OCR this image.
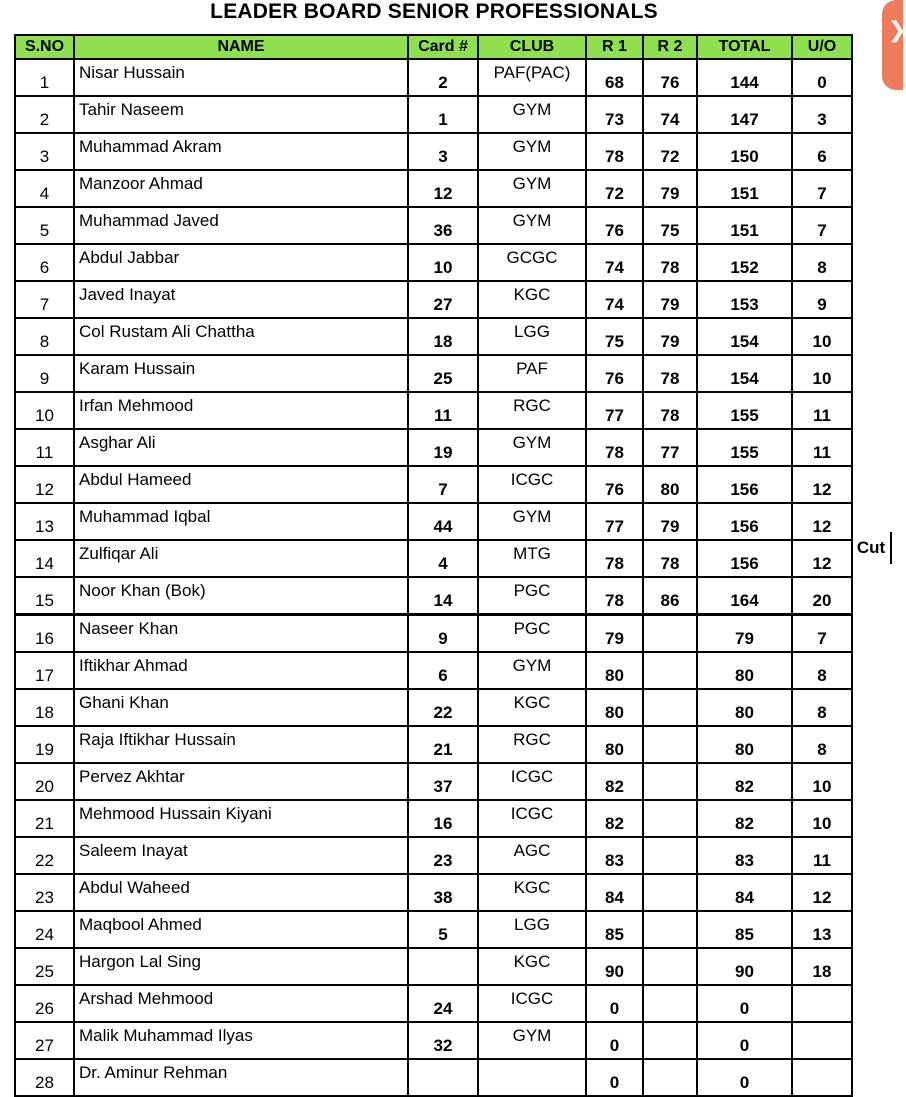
LEADER BOARD SENIOR PROFESSIONALS
S.NO	NAME	Card #	CLUB	R 1	R 2	TOTAL	U/O
1	Nisar Hussain	2	PAF(PAC)	68	76	144	0
2	Tahir Naseem	1	GYM	73	74	147	3
3	Muhammad Akram	3	GYM	78	72	150	6
4	Manzoor Ahmad	12	GYM	72	79	151	7
5	Muhammad Javed	36	GYM	76	75	151	7
6	Abdul Jabbar	10	GCGC	74	78	152	8
7	Javed Inayat	27	KGC	74	79	153	9
8	Col Rustam Ali Chattha	18	LGG	75	79	154	10
9	Karam Hussain	25	PAF	76	78	154	10
10	Irfan Mehmood	11	RGC	77	78	155	11
11	Asghar Ali	19	GYM	78	77	155	11
12	Abdul Hameed	7	ICGC	76	80	156	12
13	Muhammad Iqbal	44	GYM	77	79	156	12
14	Zulfiqar Ali	4	MTG	78	78	156	12
15	Noor Khan (Bok)	14	PGC	78	86	164	20
16	Naseer Khan	9	PGC	79		79	7
17	Iftikhar Ahmad	6	GYM	80		80	8
18	Ghani Khan	22	KGC	80		80	8
19	Raja Iftikhar Hussain	21	RGC	80		80	8
20	Pervez Akhtar	37	ICGC	82		82	10
21	Mehmood Hussain Kiyani	16	ICGC	82		82	10
22	Saleem Inayat	23	AGC	83		83	11
23	Abdul Waheed	38	KGC	84		84	12
24	Maqbool Ahmed	5	LGG	85		85	13
25	Hargon Lal Sing		KGC	90		90	18
26	Arshad Mehmood	24	ICGC	0		0	
27	Malik Muhammad Ilyas	32	GYM	0		0	
28	Dr. Aminur Rehman			0		0	
Cut
❯
